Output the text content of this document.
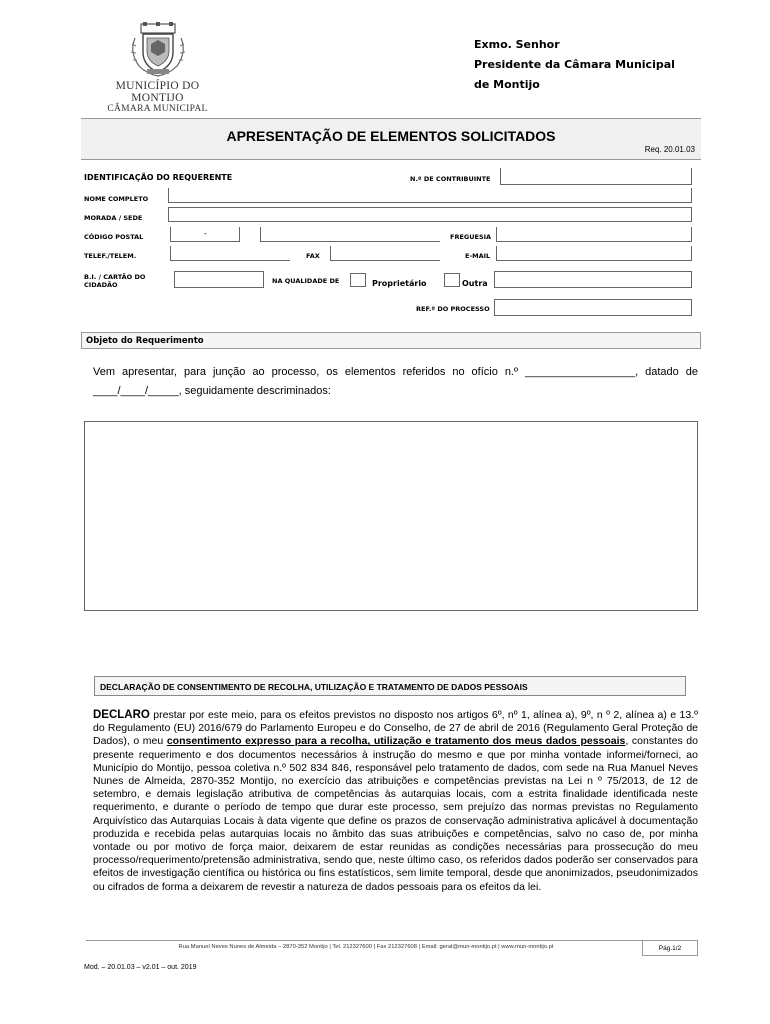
MUNICÍPIO DO MONTIJO
CÂMARA MUNICIPAL
Exmo. Senhor
Presidente da Câmara Municipal
de Montijo
APRESENTAÇÃO DE ELEMENTOS SOLICITADOS
Req. 20.01.03
IDENTIFICAÇÃO DO REQUERENTE	N.º DE CONTRIBUINTE
NOME COMPLETO
MORADA / SEDE
CÓDIGO POSTAL	-	FREGUESIA
TELEF./TELEM.	FAX	E-MAIL
B.I. / CARTÃO DO
CIDADÃO	NA QUALIDADE DE	Proprietário	Outra
REF.º DO PROCESSO
Objeto do Requerimento
Vem apresentar, para junção ao processo, os elementos referidos no ofício n.º __________________, datado de ____/____/_____, seguidamente descriminados:
DECLARAÇÃO DE CONSENTIMENTO DE RECOLHA, UTILIZAÇÃO E TRATAMENTO DE DADOS PESSOAIS
DECLARO prestar por este meio, para os efeitos previstos no disposto nos artigos 6º, nº 1, alínea a), 9º, n º 2, alínea a) e 13.º do Regulamento (EU) 2016/679 do Parlamento Europeu e do Conselho, de 27 de abril de 2016 (Regulamento Geral Proteção de Dados), o meu consentimento expresso para a recolha, utilização e tratamento dos meus dados pessoais, constantes do presente requerimento e dos documentos necessários à instrução do mesmo e que por minha vontade informei/forneci, ao Município do Montijo, pessoa coletiva n.º 502 834 846, responsável pelo tratamento de dados, com sede na Rua Manuel Neves Nunes de Almeida, 2870-352 Montijo, no exercício das atribuições e competências previstas na Lei n º 75/2013, de 12 de setembro, e demais legislação atributiva de competências às autarquias locais, com a estrita finalidade identificada neste requerimento, e durante o período de tempo que durar este processo, sem prejuízo das normas previstas no Regulamento Arquivístico das Autarquias Locais à data vigente que define os prazos de conservação administrativa aplicável à documentação produzida e recebida pelas autarquias locais no âmbito das suas atribuições e competências, salvo no caso de, por minha vontade ou por motivo de força maior, deixarem de estar reunidas as condições necessárias para prossecução do meu processo/requerimento/pretensão administrativa, sendo que, neste último caso, os referidos dados poderão ser conservados para efeitos de investigação científica ou histórica ou fins estatísticos, sem limite temporal, desde que anonimizados, pseudonimizados ou cifrados de forma a deixarem de revestir a natureza de dados pessoais para os efeitos da lei.
Rua Manuel Neves Nunes de Almeida – 2870-352 Montijo | Tel. 212327600 | Fax 212327608 | Email: geral@mun-montijo.pt | www.mun-montijo.pt	Pág.1/2
Mod. – 20.01.03 – v2.01 – out. 2019
